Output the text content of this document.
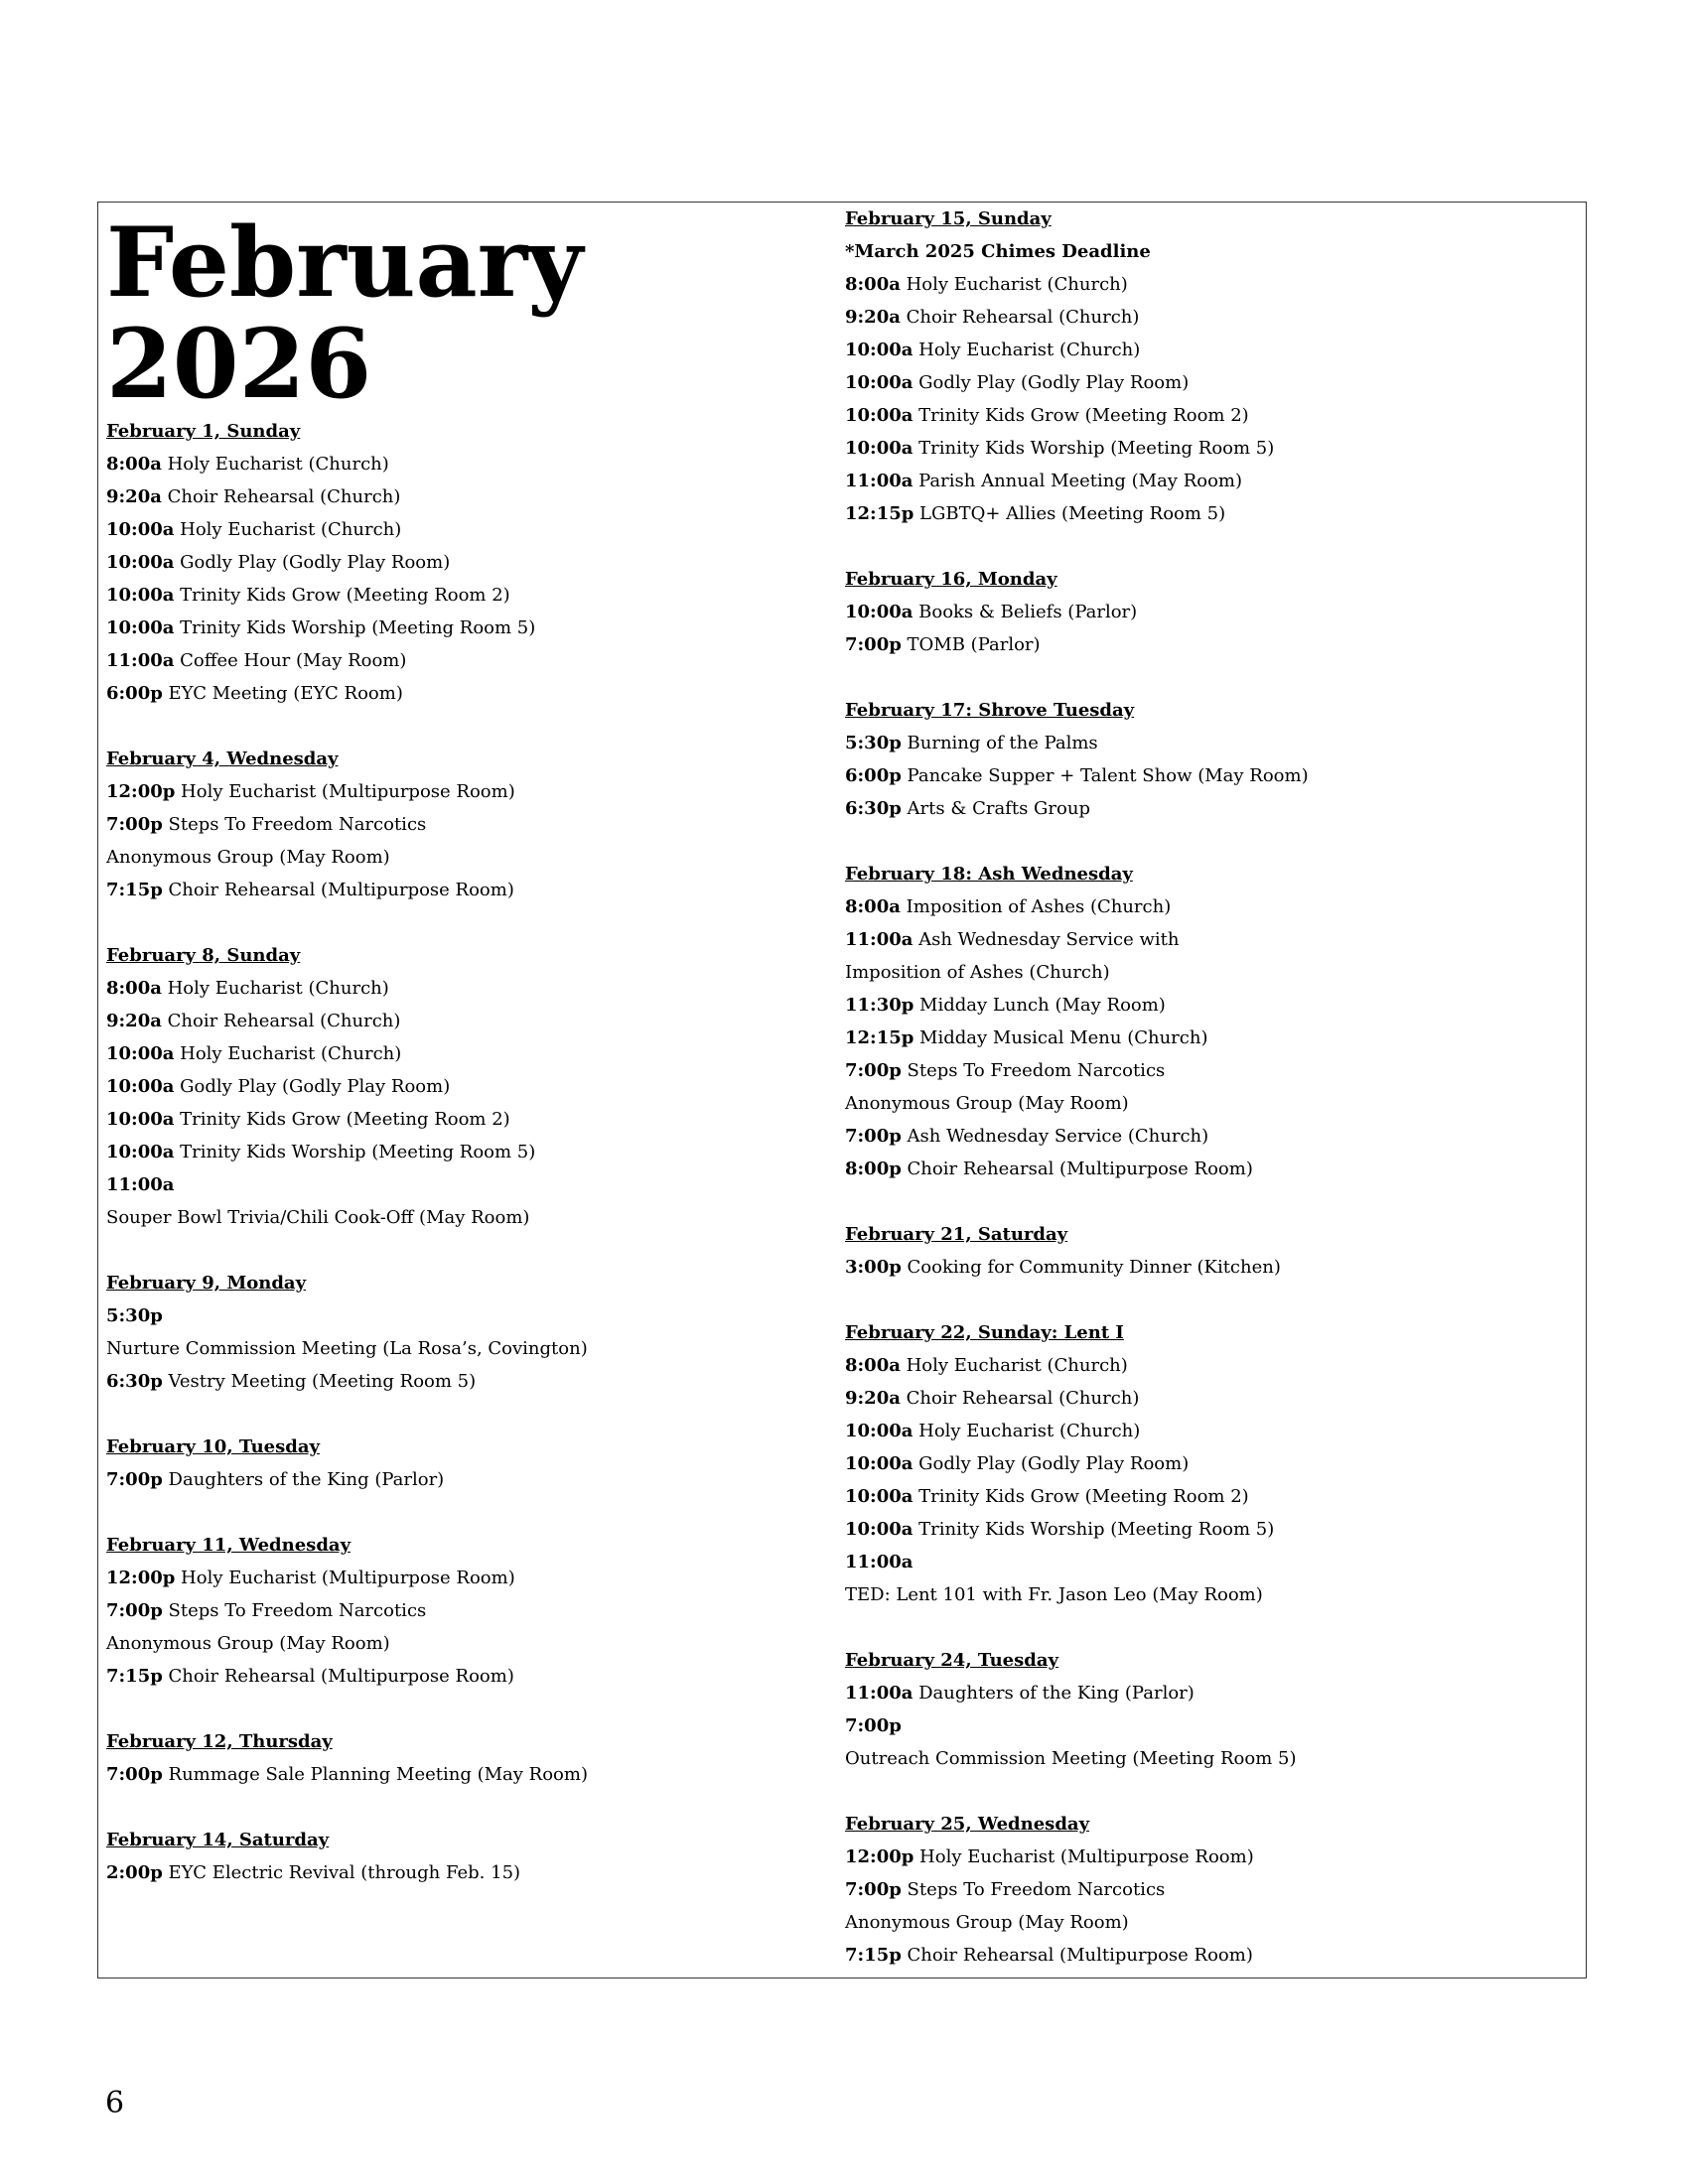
February
2026
February 1, Sunday
8:00a Holy Eucharist (Church)
9:20a Choir Rehearsal (Church)
10:00a Holy Eucharist (Church)
10:00a Godly Play (Godly Play Room)
10:00a Trinity Kids Grow (Meeting Room 2)
10:00a Trinity Kids Worship (Meeting Room 5)
11:00a Coffee Hour (May Room)
6:00p EYC Meeting (EYC Room)
February 4, Wednesday
12:00p Holy Eucharist (Multipurpose Room)
7:00p Steps To Freedom Narcotics
Anonymous Group (May Room)
7:15p Choir Rehearsal (Multipurpose Room)
February 8, Sunday
8:00a Holy Eucharist (Church)
9:20a Choir Rehearsal (Church)
10:00a Holy Eucharist (Church)
10:00a Godly Play (Godly Play Room)
10:00a Trinity Kids Grow (Meeting Room 2)
10:00a Trinity Kids Worship (Meeting Room 5)
11:00a
Souper Bowl Trivia/Chili Cook-Off (May Room)
February 9, Monday
5:30p
Nurture Commission Meeting (La Rosa’s, Covington)
6:30p Vestry Meeting (Meeting Room 5)
February 10, Tuesday
7:00p Daughters of the King (Parlor)
February 11, Wednesday
12:00p Holy Eucharist (Multipurpose Room)
7:00p Steps To Freedom Narcotics
Anonymous Group (May Room)
7:15p Choir Rehearsal (Multipurpose Room)
February 12, Thursday
7:00p Rummage Sale Planning Meeting (May Room)
February 14, Saturday
2:00p EYC Electric Revival (through Feb. 15)
February 15, Sunday
*March 2025 Chimes Deadline
8:00a Holy Eucharist (Church)
9:20a Choir Rehearsal (Church)
10:00a Holy Eucharist (Church)
10:00a Godly Play (Godly Play Room)
10:00a Trinity Kids Grow (Meeting Room 2)
10:00a Trinity Kids Worship (Meeting Room 5)
11:00a Parish Annual Meeting (May Room)
12:15p LGBTQ+ Allies (Meeting Room 5)
February 16, Monday
10:00a Books & Beliefs (Parlor)
7:00p TOMB (Parlor)
February 17: Shrove Tuesday
5:30p Burning of the Palms
6:00p Pancake Supper + Talent Show (May Room)
6:30p Arts & Crafts Group
February 18: Ash Wednesday
8:00a Imposition of Ashes (Church)
11:00a Ash Wednesday Service with
Imposition of Ashes (Church)
11:30p Midday Lunch (May Room)
12:15p Midday Musical Menu (Church)
7:00p Steps To Freedom Narcotics
Anonymous Group (May Room)
7:00p Ash Wednesday Service (Church)
8:00p Choir Rehearsal (Multipurpose Room)
February 21, Saturday
3:00p Cooking for Community Dinner (Kitchen)
February 22, Sunday: Lent I
8:00a Holy Eucharist (Church)
9:20a Choir Rehearsal (Church)
10:00a Holy Eucharist (Church)
10:00a Godly Play (Godly Play Room)
10:00a Trinity Kids Grow (Meeting Room 2)
10:00a Trinity Kids Worship (Meeting Room 5)
11:00a
TED: Lent 101 with Fr. Jason Leo (May Room)
February 24, Tuesday
11:00a Daughters of the King (Parlor)
7:00p
Outreach Commission Meeting (Meeting Room 5)
February 25, Wednesday
12:00p Holy Eucharist (Multipurpose Room)
7:00p Steps To Freedom Narcotics
Anonymous Group (May Room)
7:15p Choir Rehearsal (Multipurpose Room)
6
